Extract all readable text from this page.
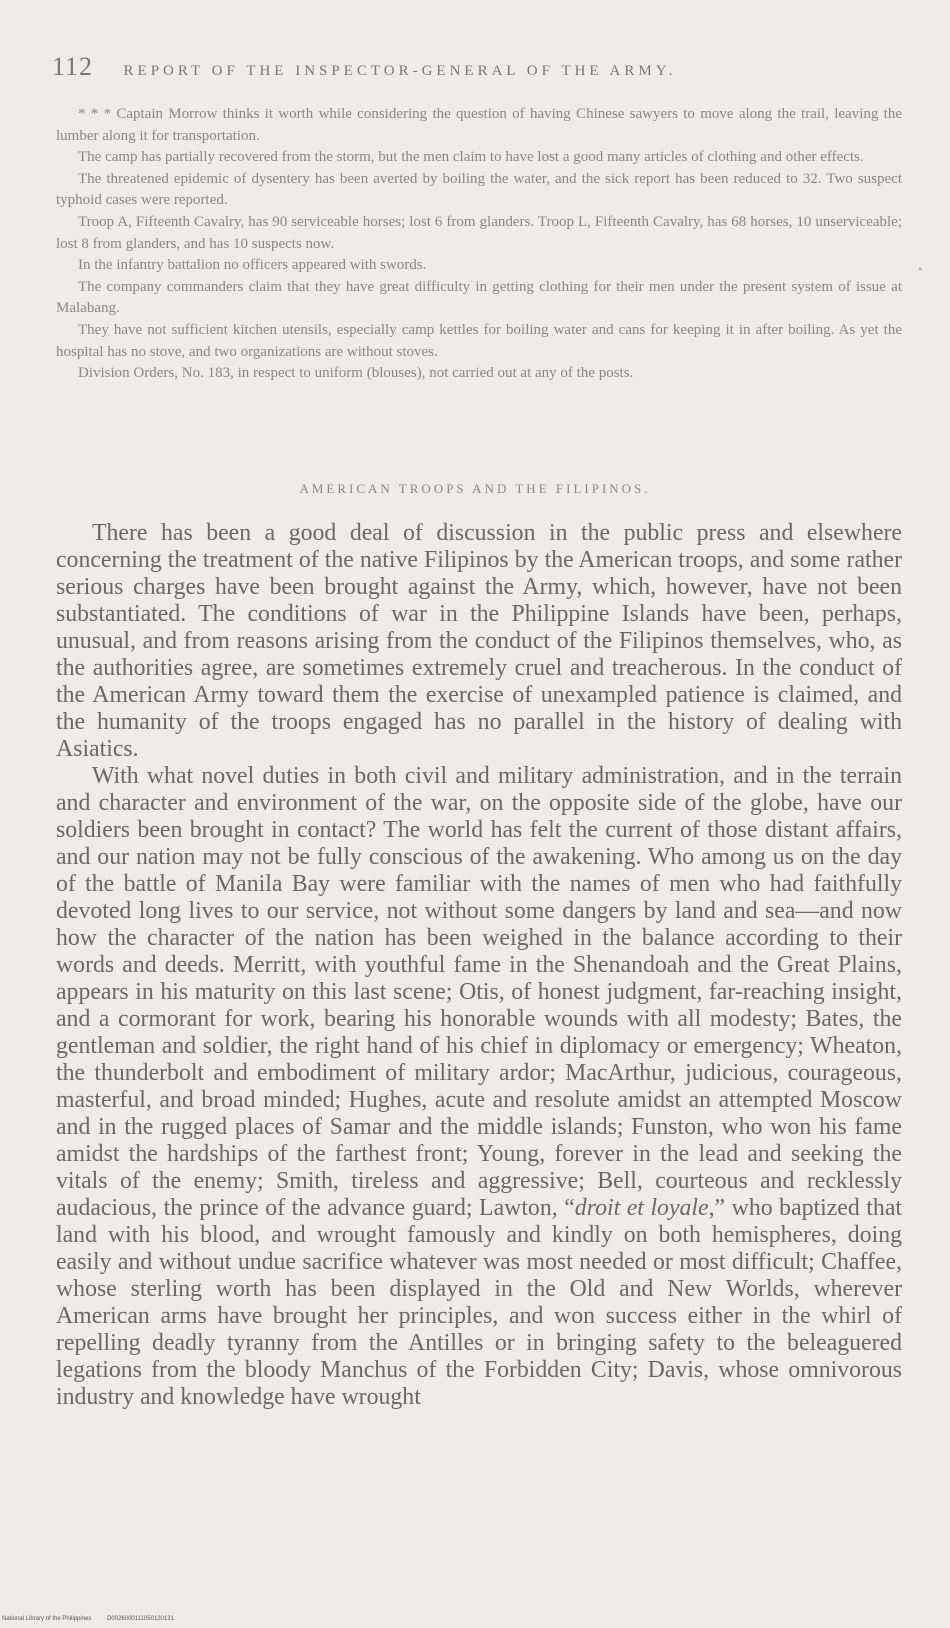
112 REPORT OF THE INSPECTOR-GENERAL OF THE ARMY.

* * * Captain Morrow thinks it worth while considering the question of having Chinese sawyers to move along the trail, leaving the lumber along it for transportation.

The camp has partially recovered from the storm, but the men claim to have lost a good many articles of clothing and other effects.

The threatened epidemic of dysentery has been averted by boiling the water, and the sick report has been reduced to 32. Two suspect typhoid cases were reported.

Troop A, Fifteenth Cavalry, has 90 serviceable horses; lost 6 from glanders. Troop L, Fifteenth Cavalry, has 68 horses, 10 unserviceable; lost 8 from glanders, and has 10 suspects now.

In the infantry battalion no officers appeared with swords.

The company commanders claim that they have great difficulty in getting clothing for their men under the present system of issue at Malabang.

They have not sufficient kitchen utensils, especially camp kettles for boiling water and cans for keeping it in after boiling. As yet the hospital has no stove, and two organizations are without stoves.

Division Orders, No. 183, in respect to uniform (blouses), not carried out at any of the posts.

AMERICAN TROOPS AND THE FILIPINOS.

There has been a good deal of discussion in the public press and elsewhere concerning the treatment of the native Filipinos by the American troops, and some rather serious charges have been brought against the Army, which, however, have not been substantiated. The conditions of war in the Philippine Islands have been, perhaps, unusual, and from reasons arising from the conduct of the Filipinos themselves, who, as the authorities agree, are sometimes extremely cruel and treacherous. In the conduct of the American Army toward them the exercise of unexampled patience is claimed, and the humanity of the troops engaged has no parallel in the history of dealing with Asiatics.

With what novel duties in both civil and military administration, and in the terrain and character and environment of the war, on the opposite side of the globe, have our soldiers been brought in contact? The world has felt the current of those distant affairs, and our nation may not be fully conscious of the awakening. Who among us on the day of the battle of Manila Bay were familiar with the names of men who had faithfully devoted long lives to our service, not without some dangers by land and sea—and now how the character of the nation has been weighed in the balance according to their words and deeds. Merritt, with youthful fame in the Shenandoah and the Great Plains, appears in his maturity on this last scene; Otis, of honest judgment, far-reaching insight, and a cormorant for work, bearing his honorable wounds with all modesty; Bates, the gentleman and soldier, the right hand of his chief in diplomacy or emergency; Wheaton, the thunderbolt and embodiment of military ardor; MacArthur, judicious, courageous, masterful, and broad minded; Hughes, acute and resolute amidst an attempted Moscow and in the rugged places of Samar and the middle islands; Funston, who won his fame amidst the hardships of the farthest front; Young, forever in the lead and seeking the vitals of the enemy; Smith, tireless and aggressive; Bell, courteous and recklessly audacious, the prince of the advance guard; Lawton, “droit et loyale,” who baptized that land with his blood, and wrought famously and kindly on both hemispheres, doing easily and without undue sacrifice whatever was most needed or most difficult; Chaffee, whose sterling worth has been displayed in the Old and New Worlds, wherever American arms have brought her principles, and won success either in the whirl of repelling deadly tyranny from the Antilles or in bringing safety to the beleaguered legations from the bloody Manchus of the Forbidden City; Davis, whose omnivorous industry and knowledge have wrought

•
National Library of the Philippines	D0026000111050120131
